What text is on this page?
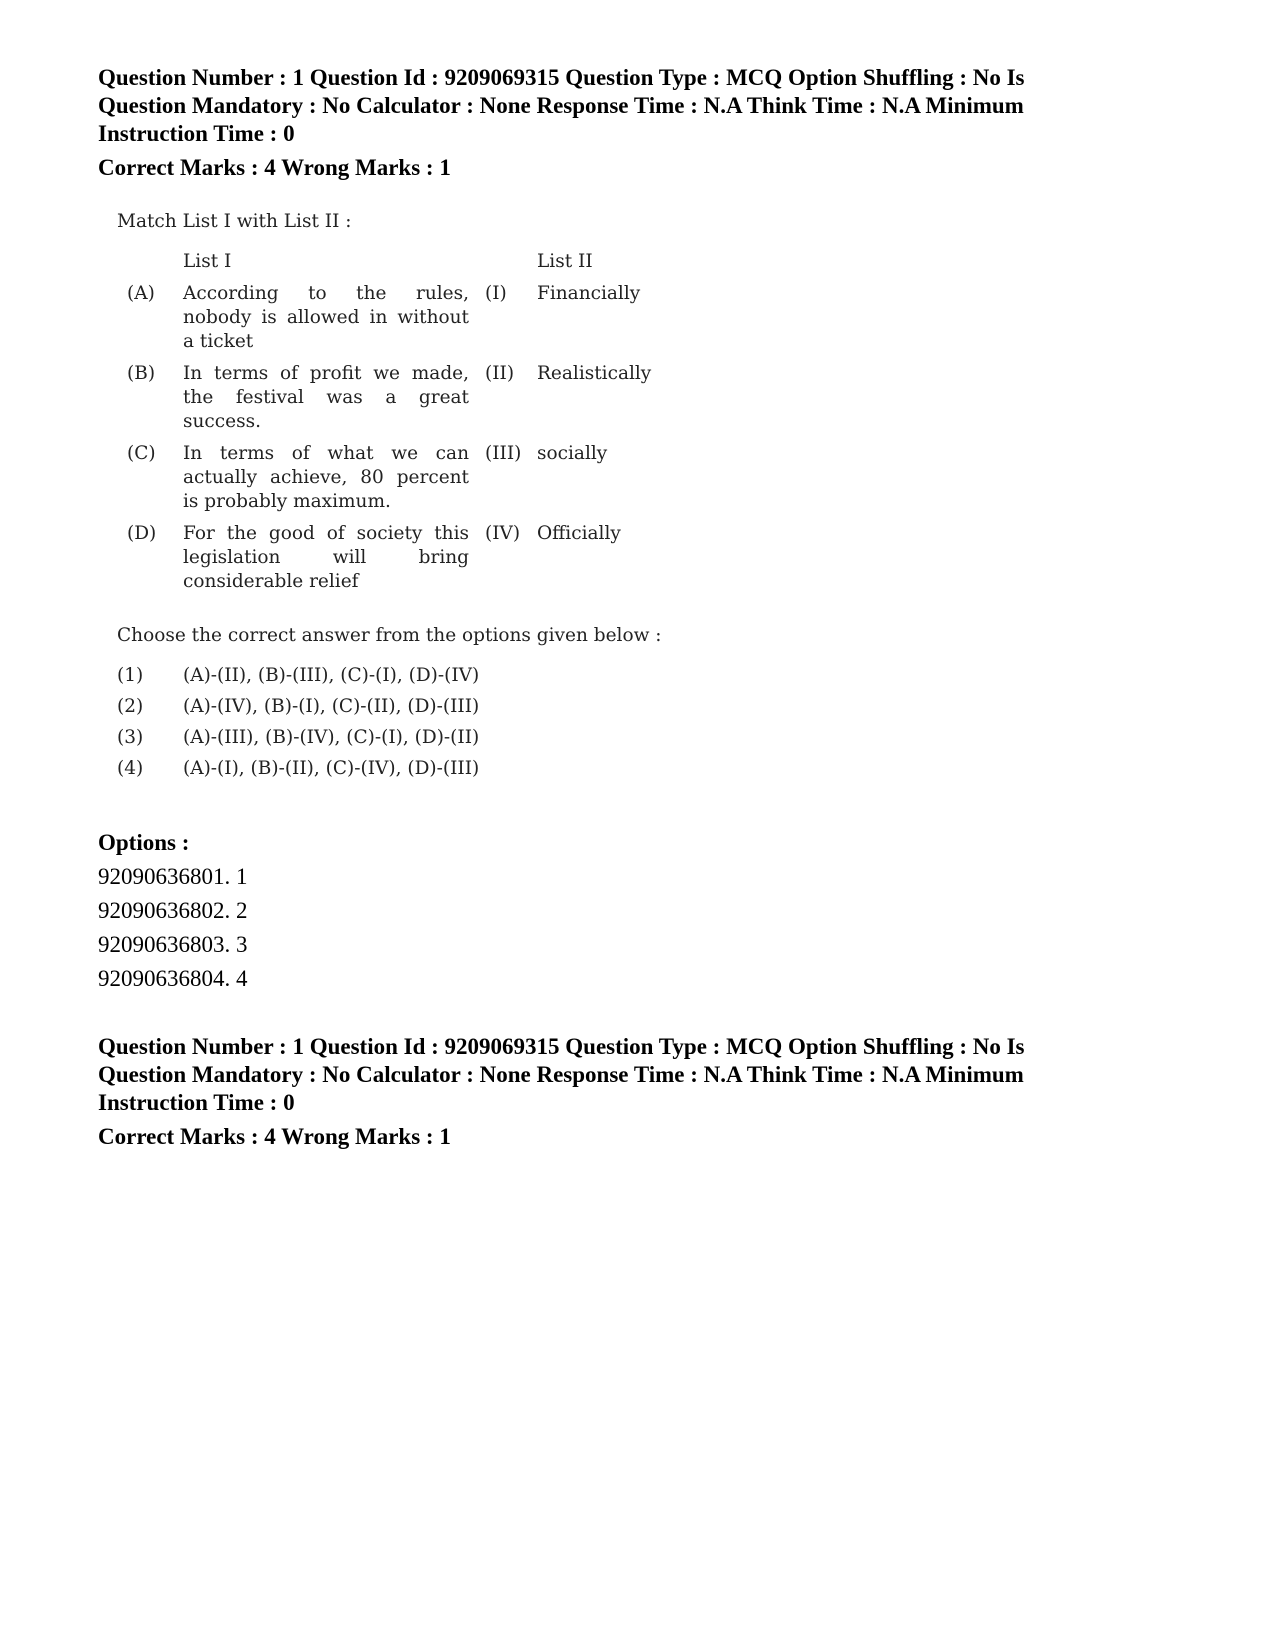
Question Number : 1 Question Id : 9209069315 Question Type : MCQ Option Shuffling : No Is
Question Mandatory : No Calculator : None Response Time : N.A Think Time : N.A Minimum
Instruction Time : 0
Correct Marks : 4 Wrong Marks : 1

Match List I with List II :

	List I		List II
(A)	According to the rules, nobody is allowed in without a ticket	(I)	Financially
(B)	In terms of profit we made, the festival was a great success.	(II)	Realistically
(C)	In terms of what we can actually achieve, 80 percent is probably maximum.	(III)	socially
(D)	For the good of society this legislation will bring considerable relief	(IV)	Officially

Choose the correct answer from the options given below :

(1)	(A)-(II), (B)-(III), (C)-(I), (D)-(IV)
(2)	(A)-(IV), (B)-(I), (C)-(II), (D)-(III)
(3)	(A)-(III), (B)-(IV), (C)-(I), (D)-(II)
(4)	(A)-(I), (B)-(II), (C)-(IV), (D)-(III)
Options :
92090636801. 1
92090636802. 2
92090636803. 3
92090636804. 4
Question Number : 1 Question Id : 9209069315 Question Type : MCQ Option Shuffling : No Is
Question Mandatory : No Calculator : None Response Time : N.A Think Time : N.A Minimum
Instruction Time : 0
Correct Marks : 4 Wrong Marks : 1
